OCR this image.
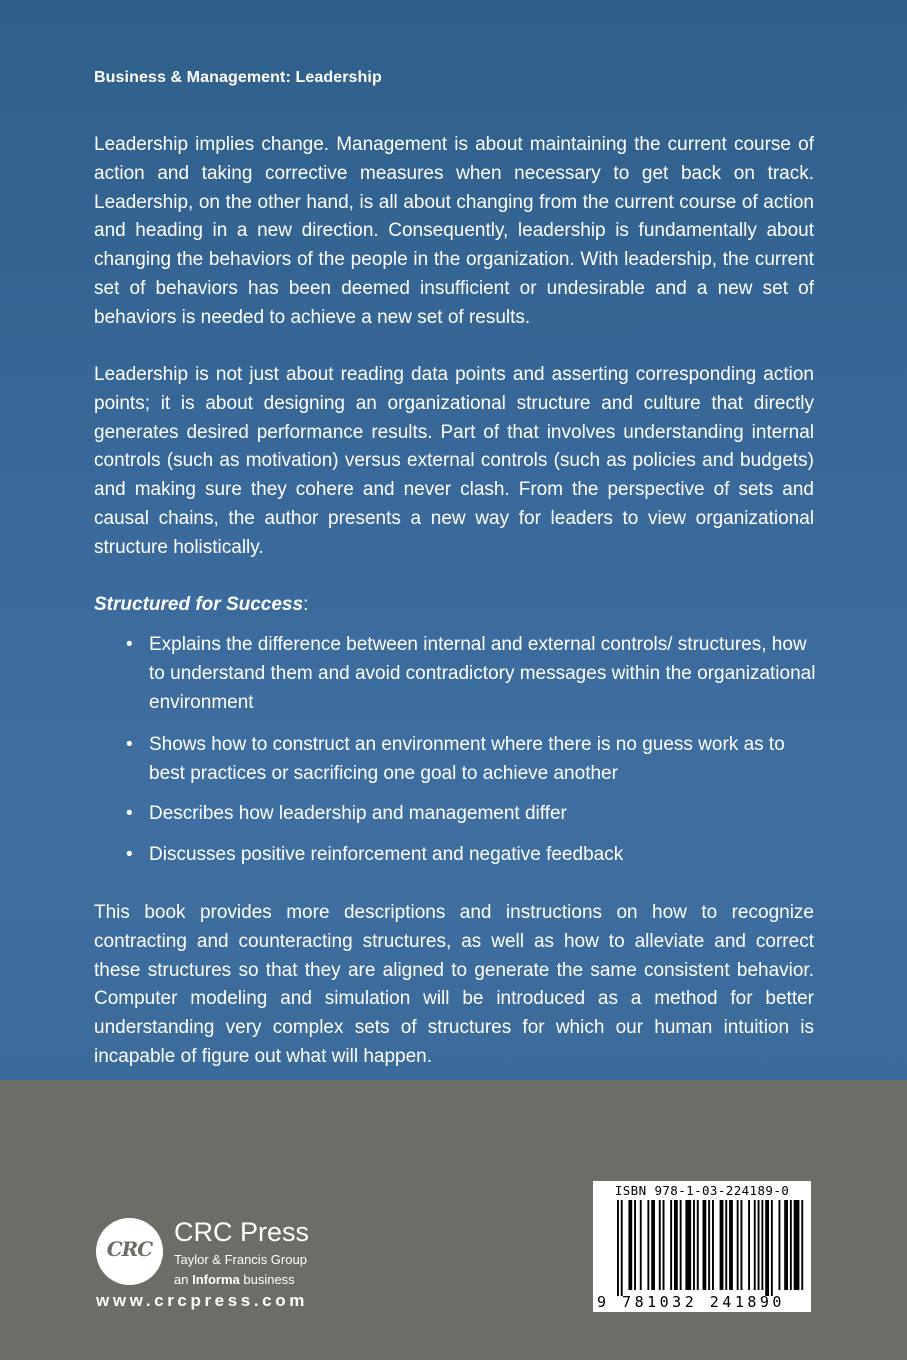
Business & Management: Leadership

Leadership implies change. Management is about maintaining the current course of action and taking corrective measures when necessary to get back on track. Leadership, on the other hand, is all about changing from the current course of action and heading in a new direction. Consequently, leadership is fundamentally about changing the behaviors of the people in the organization. With leadership, the current set of behaviors has been deemed insufficient or undesirable and a new set of behaviors is needed to achieve a new set of results.

Leadership is not just about reading data points and asserting corresponding action points; it is about designing an organizational structure and culture that directly generates desired performance results. Part of that involves understanding internal controls (such as motivation) versus external controls (such as policies and budgets) and making sure they cohere and never clash. From the perspective of sets and causal chains, the author presents a new way for leaders to view organizational structure holistically.

Structured for Success:
• Explains the difference between internal and external controls/ structures, how to understand them and avoid contradictory messages within the organizational environment
• Shows how to construct an environment where there is no guess work as to best practices or sacrificing one goal to achieve another
• Describes how leadership and management differ
• Discusses positive reinforcement and negative feedback

This book provides more descriptions and instructions on how to recognize contracting and counteracting structures, as well as how to alleviate and correct these structures so that they are aligned to generate the same consistent behavior. Computer modeling and simulation will be introduced as a method for better understanding very complex sets of structures for which our human intuition is incapable of figure out what will happen.

CRC
CRC Press
Taylor & Francis Group
an Informa business
www.crcpress.com
ISBN 978-1-03-224189-0
9 781032 241890
